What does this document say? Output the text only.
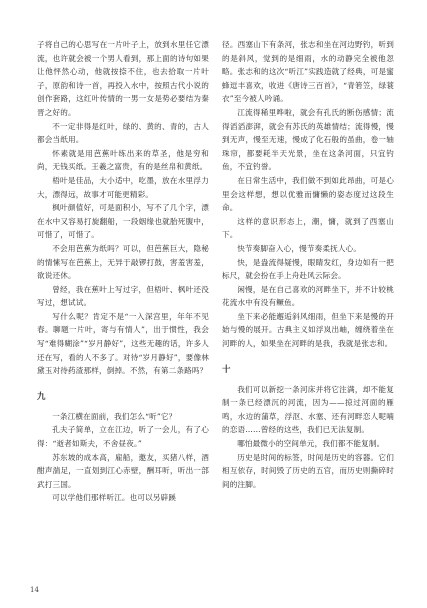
子将自己的心思写在一片叶子上，放到水里任它漂流，也许就会被一个男人看到，那上面的诗句如果让他怦然心动，他就按捺不住，也去拾取一片叶子，原韵和诗一首，再投入水中，按照古代小说的创作套路，这红叶传情的一男一女是势必要结为秦晋之好的。

不一定非得是红叶，绿的、黄的、青的，古人都会当纸用。

怀素就是用芭蕉叶练出来的草圣，他是穷和尚，无钱买纸。王羲之富贵，有的是丝帛和黄纸。

梧叶是佳品，大小适中，吃墨，放在水里浮力大，漂得远，故事才可能更精彩。

枫叶颜值好，可是面积小，写不了几个字，漂在水中又容易打旋翻船，一段姻缘也就胎死腹中，可惜了，可惜了。

不会用芭蕉为纸吗？可以，但芭蕉巨大，隐秘的情愫写在芭蕉上，无异于敲锣打鼓，害羞害羞，欲说还休。

曾经，我在蕉叶上写过字，但梧叶、枫叶还没写过，想试试。

写什么呢？肯定不是“一入深宫里，年年不见春。聊题一片叶，寄与有情人”，出于惯性，我会写“难得糊涂”“岁月静好”，这些无趣的话，许多人还在写，看的人不多了。对待“岁月静好”，要像林黛玉对待药渣那样，倒掉。不然，有第二条路吗？

九

一条江横在面前，我们怎么“听”它？

孔夫子简单，立在江边，听了一会儿，有了心得：“逝者如斯夫，不舍昼夜。”

苏东坡的成本高，雇船，邀友，买猪八样，酒酣声湍足，一直划到江心赤壁，酬耳听，听出一部武打三国。

可以学他们那样听江。也可以另辟蹊

径。西塞山下有条河，张志和坐在河边野钓，听到的是斜风，觉到的是细雨，水的动静完全被他忽略。张志和的这次“听江”实践造就了经典，可是蜜蜂逗丰喜欢，收进《唐诗三百首》，“青箬笠，绿蓑衣”至今被人吟诵。

江流得稀里哗啦，就会有孔氏的断伤感情；流得滔滔澎湃，就会有苏氏的英雄情结；流得慢，慢到无声，慢至无速，慢成了化石般的虽曲，卷一轴珠帘，都要耗半天光景，坐在这条河面，只宜钓鱼，不宜钓誉。

在日常生活中，我们做不到如此昂曲，可是心里会这样想，想以优雅而慵懒的姿态度过这段生命。

这样的意识形态上，潮，慵，就到了西塞山下。

快节奏脚奋入心，慢节奏柔抚人心。

快，是盎流得疑慢，眼睛发红，身边如有一把标尺，就会扮在手上舟赴风云际会。

闲慢，是在自己喜欢的河畔坐下，并不计较桃花流水中有没有鳜鱼。

坐下来必能邂逅斜风细雨，但坐下来是慢的开始与慢的展开。古典主义如浮岚出岫，缠绕着坐在河畔的人，如果坐在河畔的是我，我就是张志和。

十

我们可以新挖一条河床并将它注满，却不能复制一条已经漂沉的河流，因为——掠过河面的雁鸣，水边的蒲草，浮沤、水塞、还有河畔恋人呢喃的恋语……曾经的这些，我们已无法复制。

哪怕最微小的空间单元，我们都不能复制。

历史是时间的标签，时间是历史的容器。它们相互依存，时间毁了历史的五官，而历史则撕碎时间的注脚。

14
